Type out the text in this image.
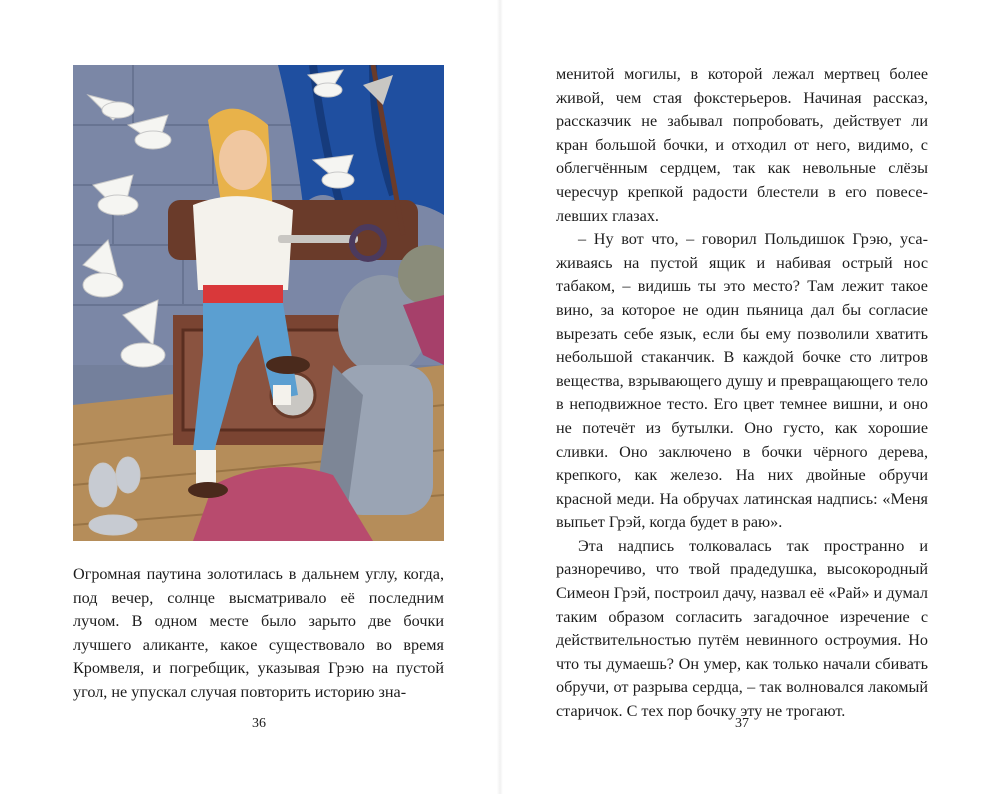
Огромная паутина золотилась в дальнем углу, когда, под вечер, солнце высматривало её последним лучом. В одном месте было зарыто две бочки лучшего аликанте, какое существовало во время Кромвеля, и погребщик, указывая Грэю на пустой угол, не упускал случая повторить историю зна-

36

менитой могилы, в которой лежал мертвец более живой, чем стая фокстерьеров. Начиная рассказ, рассказчик не забывал попробовать, действует ли кран большой бочки, и отходил от него, видимо, с облегчённым сердцем, так как невольные слёзы чересчур крепкой радости блестели в его повеселевших глазах.

– Ну вот что, – говорил Польдишок Грэю, усаживаясь на пустой ящик и набивая острый нос табаком, – видишь ты это место? Там лежит такое вино, за которое не один пьяница дал бы согласие вырезать себе язык, если бы ему позволили хватить небольшой стаканчик. В каждой бочке сто литров вещества, взрывающего душу и превращающего тело в неподвижное тесто. Его цвет темнее вишни, и оно не потечёт из бутылки. Оно густо, как хорошие сливки. Оно заключено в бочки чёрного дерева, крепкого, как железо. На них двойные обручи красной меди. На обручах латинская надпись: «Меня выпьет Грэй, когда будет в раю».

Эта надпись толковалась так пространно и разноречиво, что твой прадедушка, высокородный Симеон Грэй, построил дачу, назвал её «Рай» и думал таким образом согласить загадочное изречение с действительностью путём невинного остроумия. Но что ты думаешь? Он умер, как только начали сбивать обручи, от разрыва сердца, – так волновался лакомый старичок. С тех пор бочку эту не трогают.

37
